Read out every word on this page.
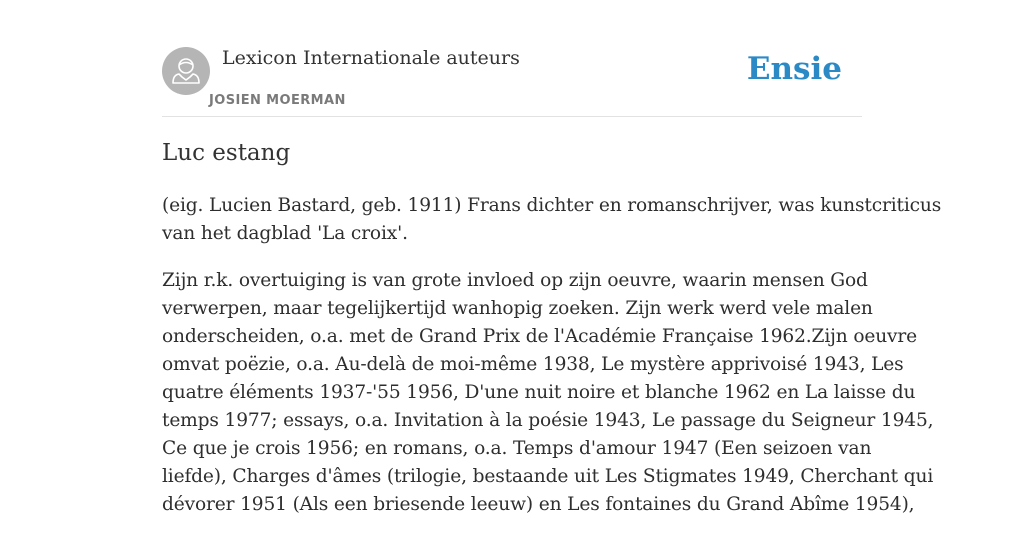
Lexicon Internationale auteurs
JOSIEN MOERMAN
Ensie
Luc estang

(eig. Lucien Bastard, geb. 1911) Frans dichter en romanschrijver, was kunstcriticus
van het dagblad 'La croix'.

Zijn r.k. overtuiging is van grote invloed op zijn oeuvre, waarin mensen God
verwerpen, maar tegelijkertijd wanhopig zoeken. Zijn werk werd vele malen
onderscheiden, o.a. met de Grand Prix de l'Académie Française 1962.Zijn oeuvre
omvat poëzie, o.a. Au-delà de moi-même 1938, Le mystère apprivoisé 1943, Les
quatre éléments 1937-'55 1956, D'une nuit noire et blanche 1962 en La laisse du
temps 1977; essays, o.a. Invitation à la poésie 1943, Le passage du Seigneur 1945,
Ce que je crois 1956; en romans, o.a. Temps d'amour 1947 (Een seizoen van
liefde), Charges d'âmes (trilogie, bestaande uit Les Stigmates 1949, Cherchant qui
dévorer 1951 (Als een briesende leeuw) en Les fontaines du Grand Abîme 1954),
